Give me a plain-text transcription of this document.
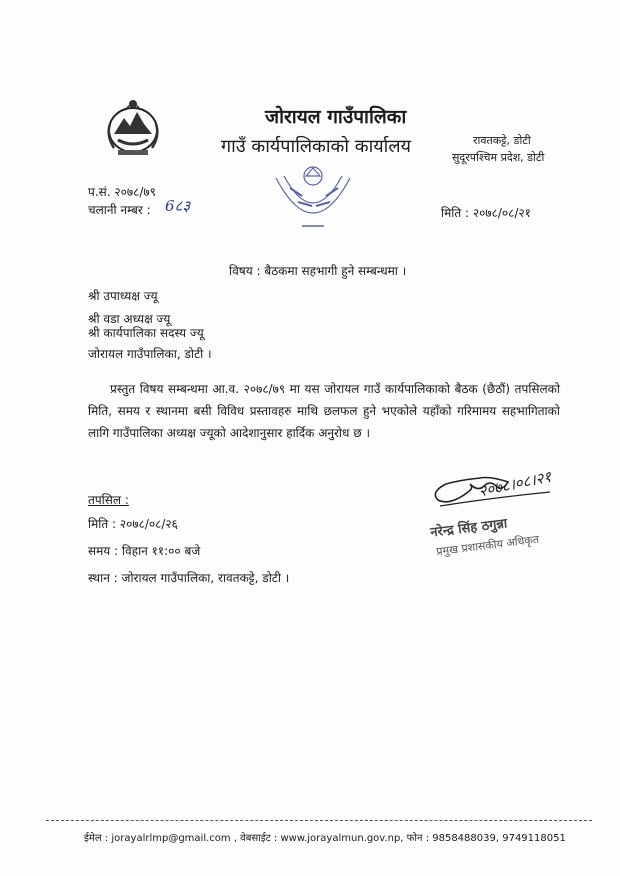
जोरायल गाउँपालिका
गाउँ कार्यपालिकाको कार्यालय	रावतकट्टे, डोटी
सुदूरपश्चिम प्रदेश, डोटी
प.सं. २०७८/७९
चलानी नम्बर : 6८३	मिति : २०७८/०८/२१
विषय : बैठकमा सहभागी हुने सम्बन्धमा ।
श्री उपाध्यक्ष ज्यू
श्री वडा अध्यक्ष ज्यू
श्री कार्यपालिका सदस्य ज्यू
जोरायल गाउँपालिका, डोटी ।
प्रस्तुत विषय सम्बन्धमा आ.व. २०७८/७९ मा यस जोरायल गाउँ कार्यपालिकाको बैठक (छैठौं) तपसिलको मिति, समय र स्थानमा बसी विविध प्रस्तावहरु माथि छलफल हुने भएकोले यहाँको गरिमामय सहभागिताको लागि गाउँपालिका अध्यक्ष ज्यूको आदेशानुसार हार्दिक अनुरोध छ ।
२०७८।०८।२१
नरेन्द्र सिंह ठगुन्ना
प्रमुख प्रशासकीय अधिकृत
तपसिल :
मिति : २०७८/०८/२६
समय : विहान ११:०० बजे
स्थान : जोरायल गाउँपालिका, रावतकट्टे, डोटी ।
ईमेल : jorayalrlmp@gmail.com , वेबसाईट : www.jorayalmun.gov.np, फोन : 9858488039, 9749118051
